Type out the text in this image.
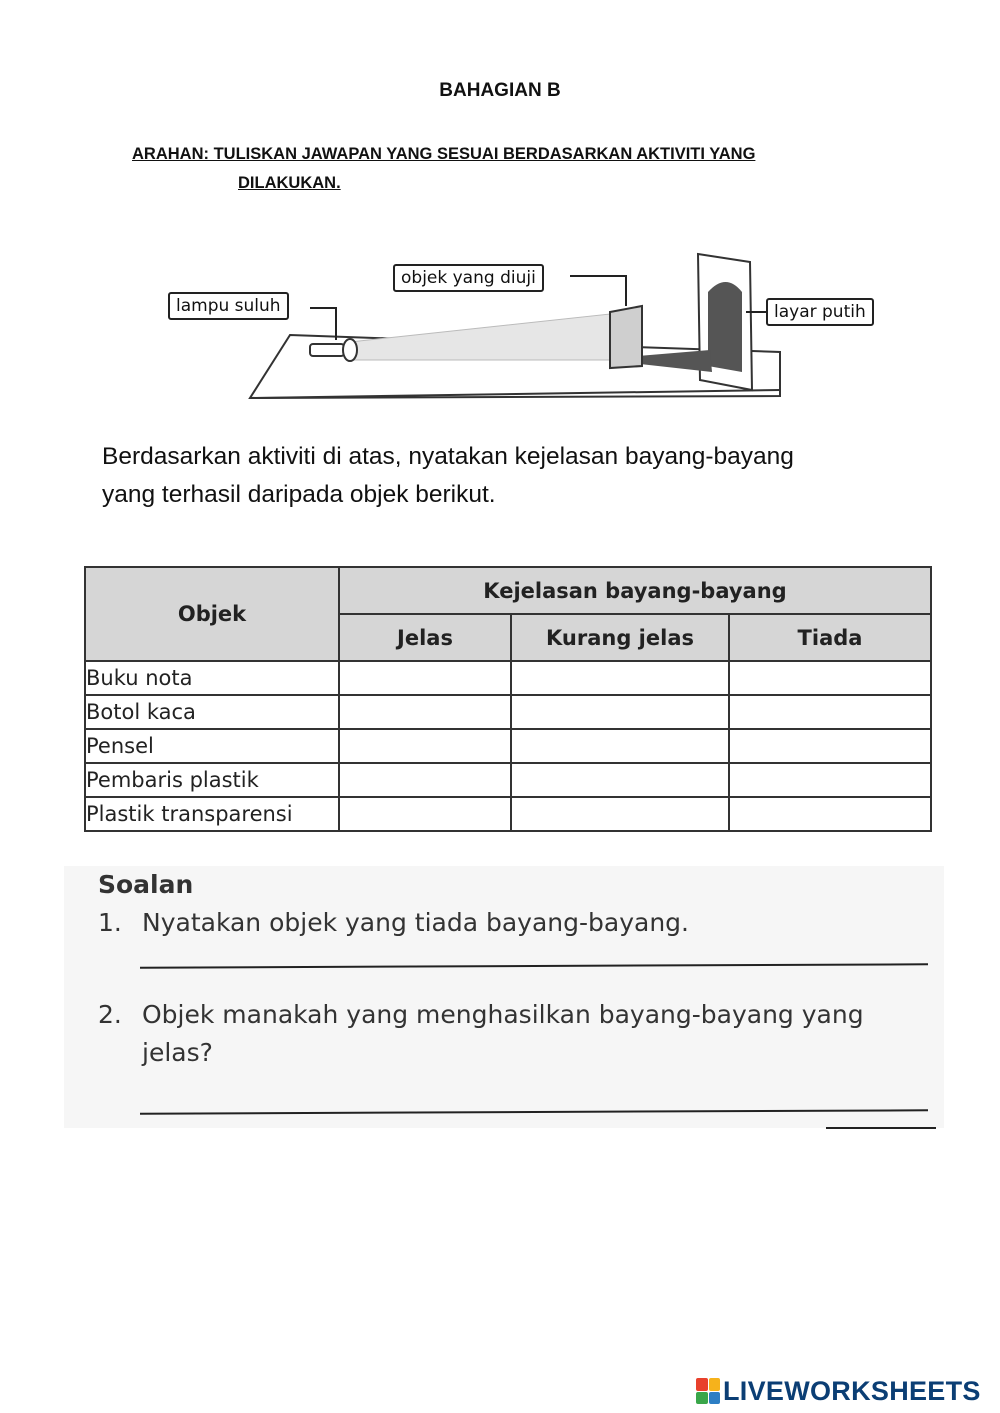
BAHAGIAN B
ARAHAN: TULISKAN JAWAPAN YANG SESUAI BERDASARKAN AKTIVITI YANG
DILAKUKAN.
lampu suluh
objek yang diuji
layar putih
Berdasarkan aktiviti di atas, nyatakan kejelasan bayang-bayang
yang terhasil daripada objek berikut.
Objek	Kejelasan bayang-bayang		
	Jelas	Kurang jelas	Tiada
Buku nota			
Botol kaca			
Pensel			
Pembaris plastik			
Plastik transparensi			
Soalan
1. Nyatakan objek yang tiada bayang-bayang.
2. Objek manakah yang menghasilkan bayang-bayang yang jelas?
LIVEWORKSHEETS
